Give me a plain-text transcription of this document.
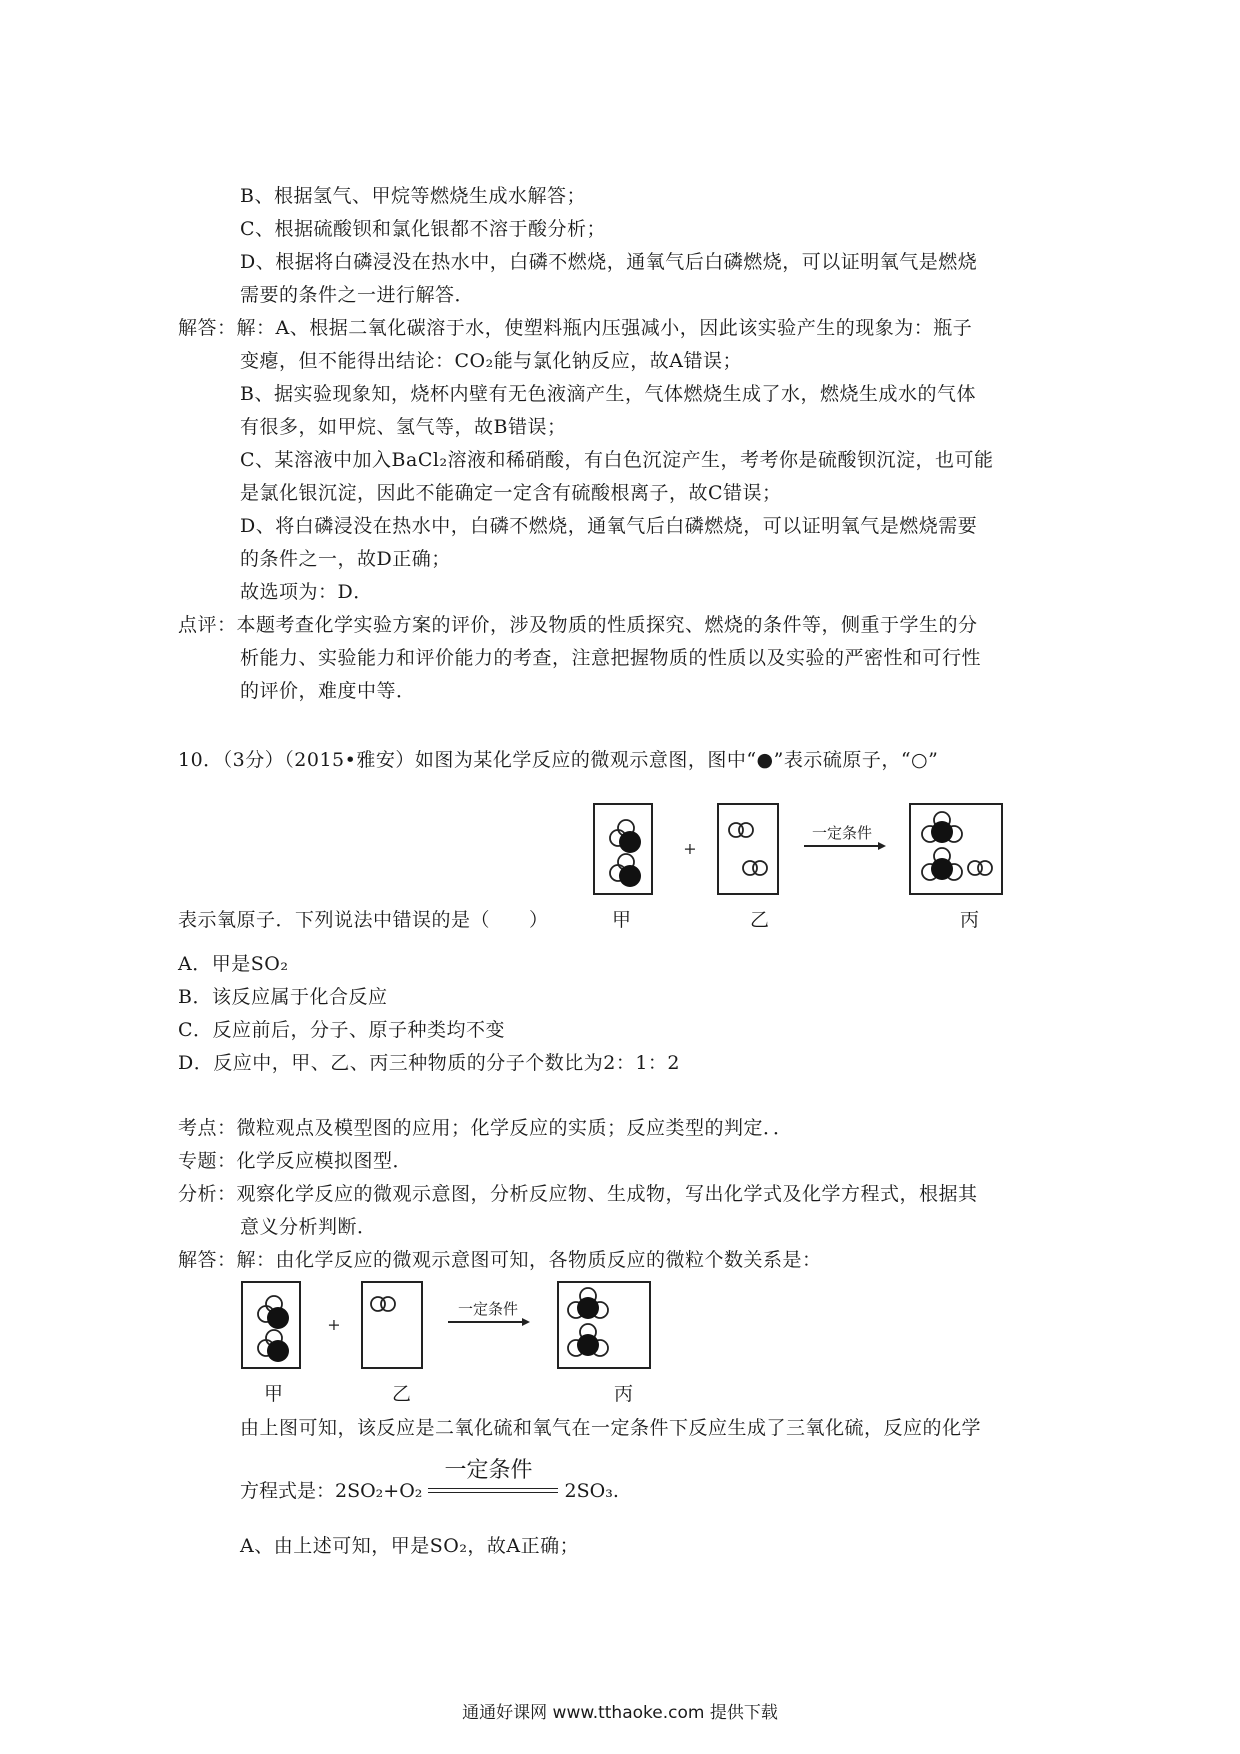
B、根据氢气、甲烷等燃烧生成水解答；
C、根据硫酸钡和氯化银都不溶于酸分析；
D、根据将白磷浸没在热水中，白磷不燃烧，通氧气后白磷燃烧，可以证明氧气是燃烧
需要的条件之一进行解答．
解答：解：A、根据二氧化碳溶于水，使塑料瓶内压强减小，因此该实验产生的现象为：瓶子
变瘪，但不能得出结论：CO₂能与氯化钠反应，故A错误；
B、据实验现象知，烧杯内壁有无色液滴产生，气体燃烧生成了水，燃烧生成水的气体
有很多，如甲烷、氢气等，故B错误；
C、某溶液中加入BaCl₂溶液和稀硝酸，有白色沉淀产生，考考你是硫酸钡沉淀，也可能
是氯化银沉淀，因此不能确定一定含有硫酸根离子，故C错误；
D、将白磷浸没在热水中，白磷不燃烧，通氧气后白磷燃烧，可以证明氧气是燃烧需要
的条件之一，故D正确；
故选项为：D．
点评：本题考查化学实验方案的评价，涉及物质的性质探究、燃烧的条件等，侧重于学生的分
析能力、实验能力和评价能力的考查，注意把握物质的性质以及实验的严密性和可行性
的评价，难度中等．
10．（3分）（2015•雅安）如图为某化学反应的微观示意图，图中“●”表示硫原子，“○”
+
一定条件
表示氧原子．下列说法中错误的是（　　）	甲	乙	丙
A．甲是SO₂
B．该反应属于化合反应
C．反应前后，分子、原子种类均不变
D．反应中，甲、乙、丙三种物质的分子个数比为2：1：2
考点：微粒观点及模型图的应用；化学反应的实质；反应类型的判定．．
专题：化学反应模拟图型．
分析：观察化学反应的微观示意图，分析反应物、生成物，写出化学式及化学方程式，根据其
意义分析判断．
解答：解：由化学反应的微观示意图可知，各物质反应的微粒个数关系是：
+
一定条件
甲	乙	丙
由上图可知，该反应是二氧化硫和氧气在一定条件下反应生成了三氧化硫，反应的化学
方程式是：2SO₂+O₂
一定条件
2SO₃.
A、由上述可知，甲是SO₂，故A正确；
通通好课网 www.tthaoke.com 提供下载
